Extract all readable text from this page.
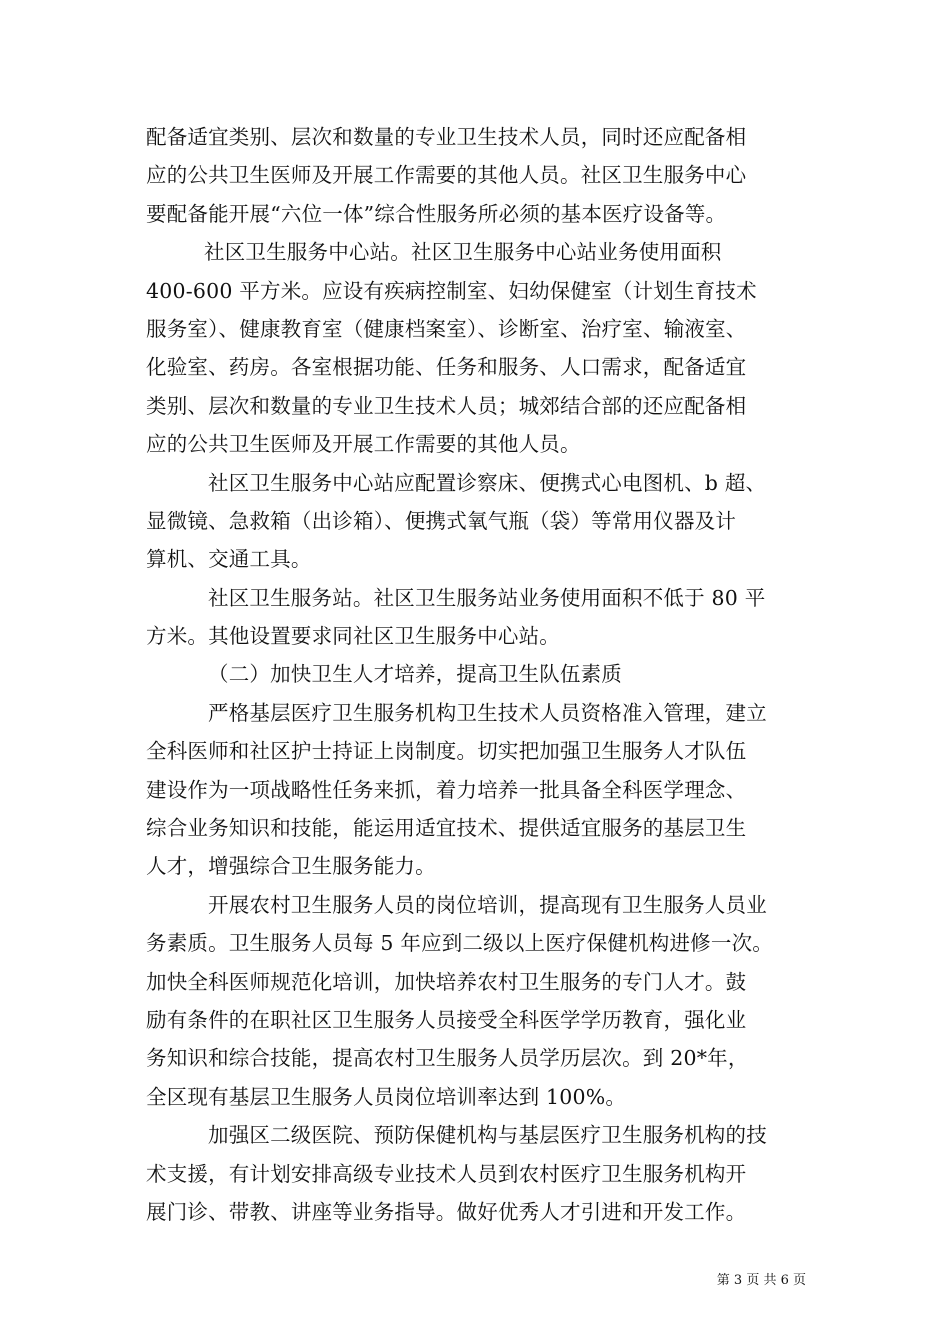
配备适宜类别、层次和数量的专业卫生技术人员，同时还应配备相
应的公共卫生医师及开展工作需要的其他人员。社区卫生服务中心
要配备能开展“六位一体”综合性服务所必须的基本医疗设备等。
社区卫生服务中心站。社区卫生服务中心站业务使用面积
400-600 平方米。应设有疾病控制室、妇幼保健室（计划生育技术
服务室）、健康教育室（健康档案室）、诊断室、治疗室、输液室、
化验室、药房。各室根据功能、任务和服务、人口需求，配备适宜
类别、层次和数量的专业卫生技术人员；城郊结合部的还应配备相
应的公共卫生医师及开展工作需要的其他人员。
社区卫生服务中心站应配置诊察床、便携式心电图机、b 超、
显微镜、急救箱（出诊箱）、便携式氧气瓶（袋）等常用仪器及计
算机、交通工具。
社区卫生服务站。社区卫生服务站业务使用面积不低于 80 平
方米。其他设置要求同社区卫生服务中心站。
（二）加快卫生人才培养，提高卫生队伍素质
严格基层医疗卫生服务机构卫生技术人员资格准入管理，建立
全科医师和社区护士持证上岗制度。切实把加强卫生服务人才队伍
建设作为一项战略性任务来抓，着力培养一批具备全科医学理念、
综合业务知识和技能，能运用适宜技术、提供适宜服务的基层卫生
人才，增强综合卫生服务能力。
开展农村卫生服务人员的岗位培训，提高现有卫生服务人员业
务素质。卫生服务人员每 5 年应到二级以上医疗保健机构进修一次。
加快全科医师规范化培训，加快培养农村卫生服务的专门人才。鼓
励有条件的在职社区卫生服务人员接受全科医学学历教育，强化业
务知识和综合技能，提高农村卫生服务人员学历层次。到 20*年，
全区现有基层卫生服务人员岗位培训率达到 100%。
加强区二级医院、预防保健机构与基层医疗卫生服务机构的技
术支援，有计划安排高级专业技术人员到农村医疗卫生服务机构开
展门诊、带教、讲座等业务指导。做好优秀人才引进和开发工作。
第 3 页 共 6 页
